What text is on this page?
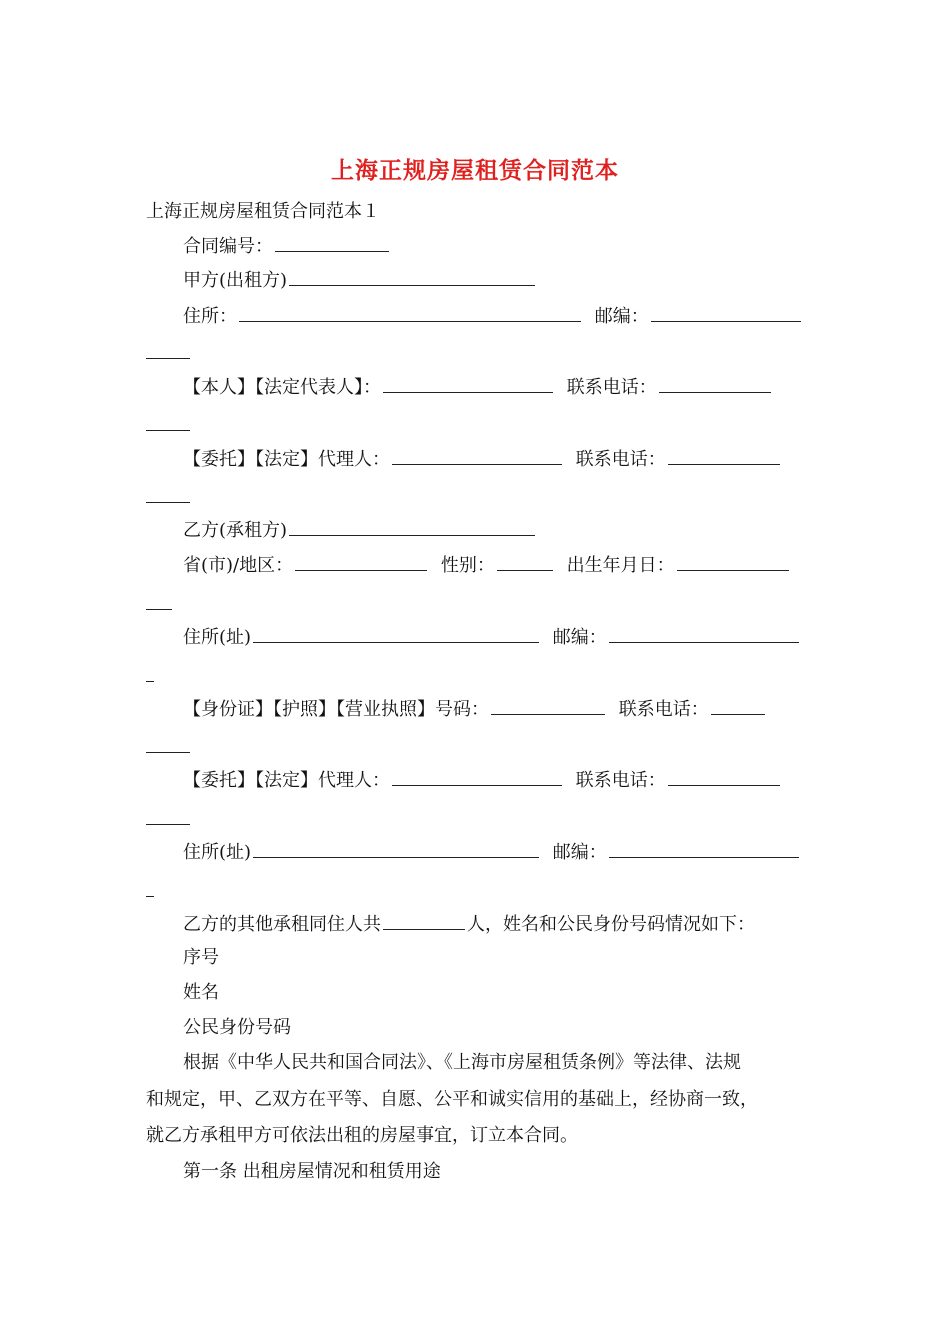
上海正规房屋租赁合同范本
上海正规房屋租赁合同范本１
合同编号：
甲方(出租方)
住所：	邮编：
【本人】【法定代表人】：	联系电话：
【委托】【法定】代理人：	联系电话：
乙方(承租方)
省(市)/地区：	性别：	出生年月日：
住所(址)	邮编：
【身份证】【护照】【营业执照】号码：	联系电话：
【委托】【法定】代理人：	联系电话：
住所(址)	邮编：
乙方的其他承租同住人共	人，姓名和公民身份号码情况如下：
序号
姓名
公民身份号码
根据《中华人民共和国合同法》、《上海市房屋租赁条例》等法律、法规
和规定，甲、乙双方在平等、自愿、公平和诚实信用的基础上，经协商一致，
就乙方承租甲方可依法出租的房屋事宜，订立本合同。
第一条 出租房屋情况和租赁用途
